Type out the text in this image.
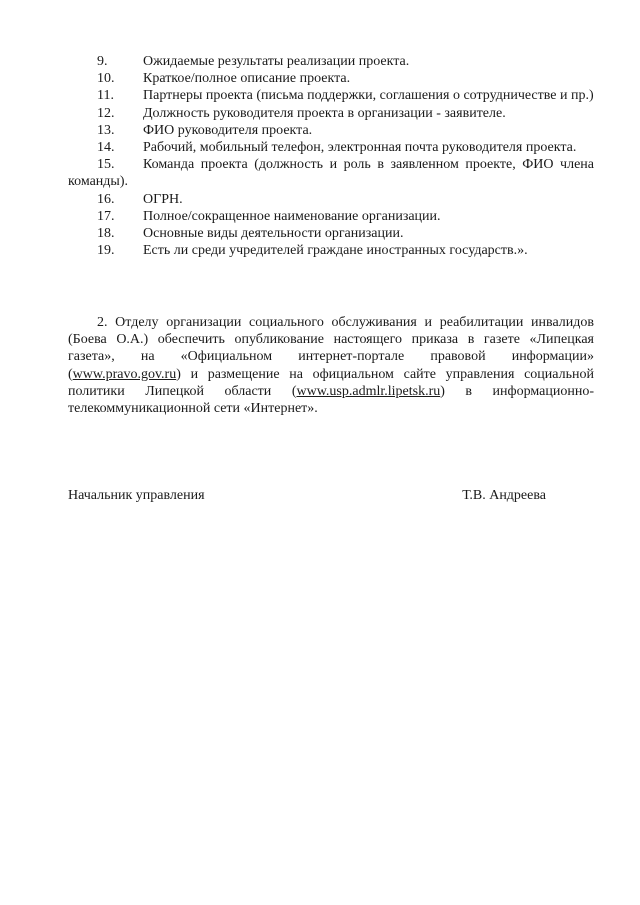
9.	Ожидаемые результаты реализации проекта.
10. Краткое/полное описание проекта.
11. Партнеры проекта (письма поддержки, соглашения о сотрудничестве и пр.)
12. Должность руководителя проекта в организации - заявителе.
13. ФИО руководителя проекта.
14. Рабочий, мобильный телефон, электронная почта руководителя проекта.
15. Команда проекта (должность и роль в заявленном проекте, ФИО члена команды).
16. ОГРН.
17. Полное/сокращенное наименование организации.
18. Основные виды деятельности организации.
19. Есть ли среди учредителей граждане иностранных государств.».
2. Отделу организации социального обслуживания и реабилитации инвалидов (Боева О.А.) обеспечить опубликование настоящего приказа в газете «Липецкая газета», на «Официальном интернет-портале правовой информации» (www.pravo.gov.ru) и размещение на официальном сайте управления социальной политики Липецкой области (www.usp.admlr.lipetsk.ru) в информационно-телекоммуникационной сети «Интернет».
Начальник управления	Т.В. Андреева
